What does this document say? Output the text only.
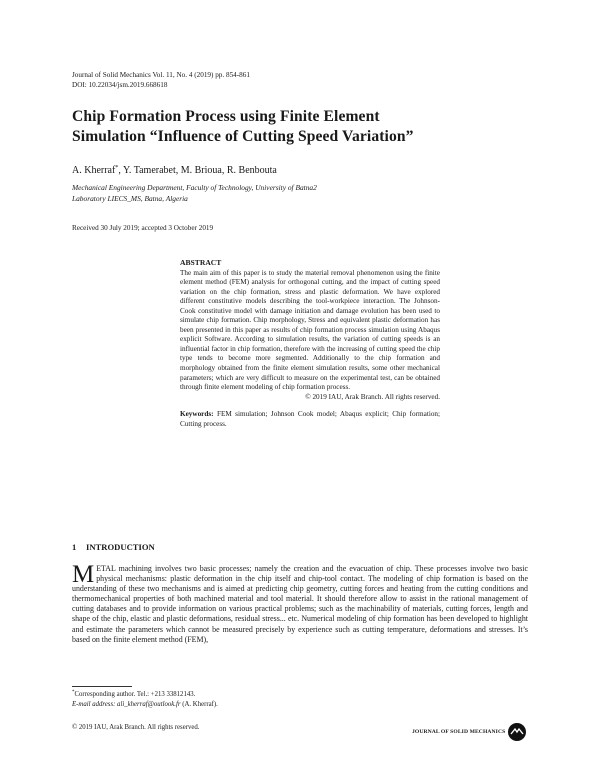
Journal of Solid Mechanics Vol. 11, No. 4 (2019) pp. 854-861
DOI: 10.22034/jsm.2019.668618
Chip Formation Process using Finite Element
Simulation “Influence of Cutting Speed Variation”
A. Kherraf*, Y. Tamerabet, M. Brioua, R. Benbouta
Mechanical Engineering Department, Faculty of Technology, University of Batna2
Laboratory LIECS_MS, Batna, Algeria
Received 30 July 2019; accepted 3 October 2019
ABSTRACT
The main aim of this paper is to study the material removal phenomenon using the finite element method (FEM) analysis for orthogonal cutting, and the impact of cutting speed variation on the chip formation, stress and plastic deformation. We have explored different constitutive models describing the tool-workpiece interaction. The Johnson-Cook constitutive model with damage initiation and damage evolution has been used to simulate chip formation. Chip morphology, Stress and equivalent plastic deformation has been presented in this paper as results of chip formation process simulation using Abaqus explicit Software. According to simulation results, the variation of cutting speeds is an influential factor in chip formation, therefore with the increasing of cutting speed the chip type tends to become more segmented. Additionally to the chip formation and morphology obtained from the finite element simulation results, some other mechanical parameters; which are very difficult to measure on the experimental test, can be obtained through finite element modeling of chip formation process.
© 2019 IAU, Arak Branch. All rights reserved.
Keywords: FEM simulation; Johnson Cook model; Abaqus explicit; Chip formation; Cutting process.
1 INTRODUCTION
METAL machining involves two basic processes; namely the creation and the evacuation of chip. These processes involve two basic physical mechanisms: plastic deformation in the chip itself and chip-tool contact. The modeling of chip formation is based on the understanding of these two mechanisms and is aimed at predicting chip geometry, cutting forces and heating from the cutting conditions and thermomechanical properties of both machined material and tool material. It should therefore allow to assist in the rational management of cutting databases and to provide information on various practical problems; such as the machinability of materials, cutting forces, length and shape of the chip, elastic and plastic deformations, residual stress... etc. Numerical modeling of chip formation has been developed to highlight and estimate the parameters which cannot be measured precisely by experience such as cutting temperature, deformations and stresses. It’s based on the finite element method (FEM),
*Corresponding author. Tel.: +213 33812143.
E-mail address: ali_kherraf@outlook.fr (A. Kherraf).
© 2019 IAU, Arak Branch. All rights reserved.
JOURNAL OF SOLID MECHANICS
